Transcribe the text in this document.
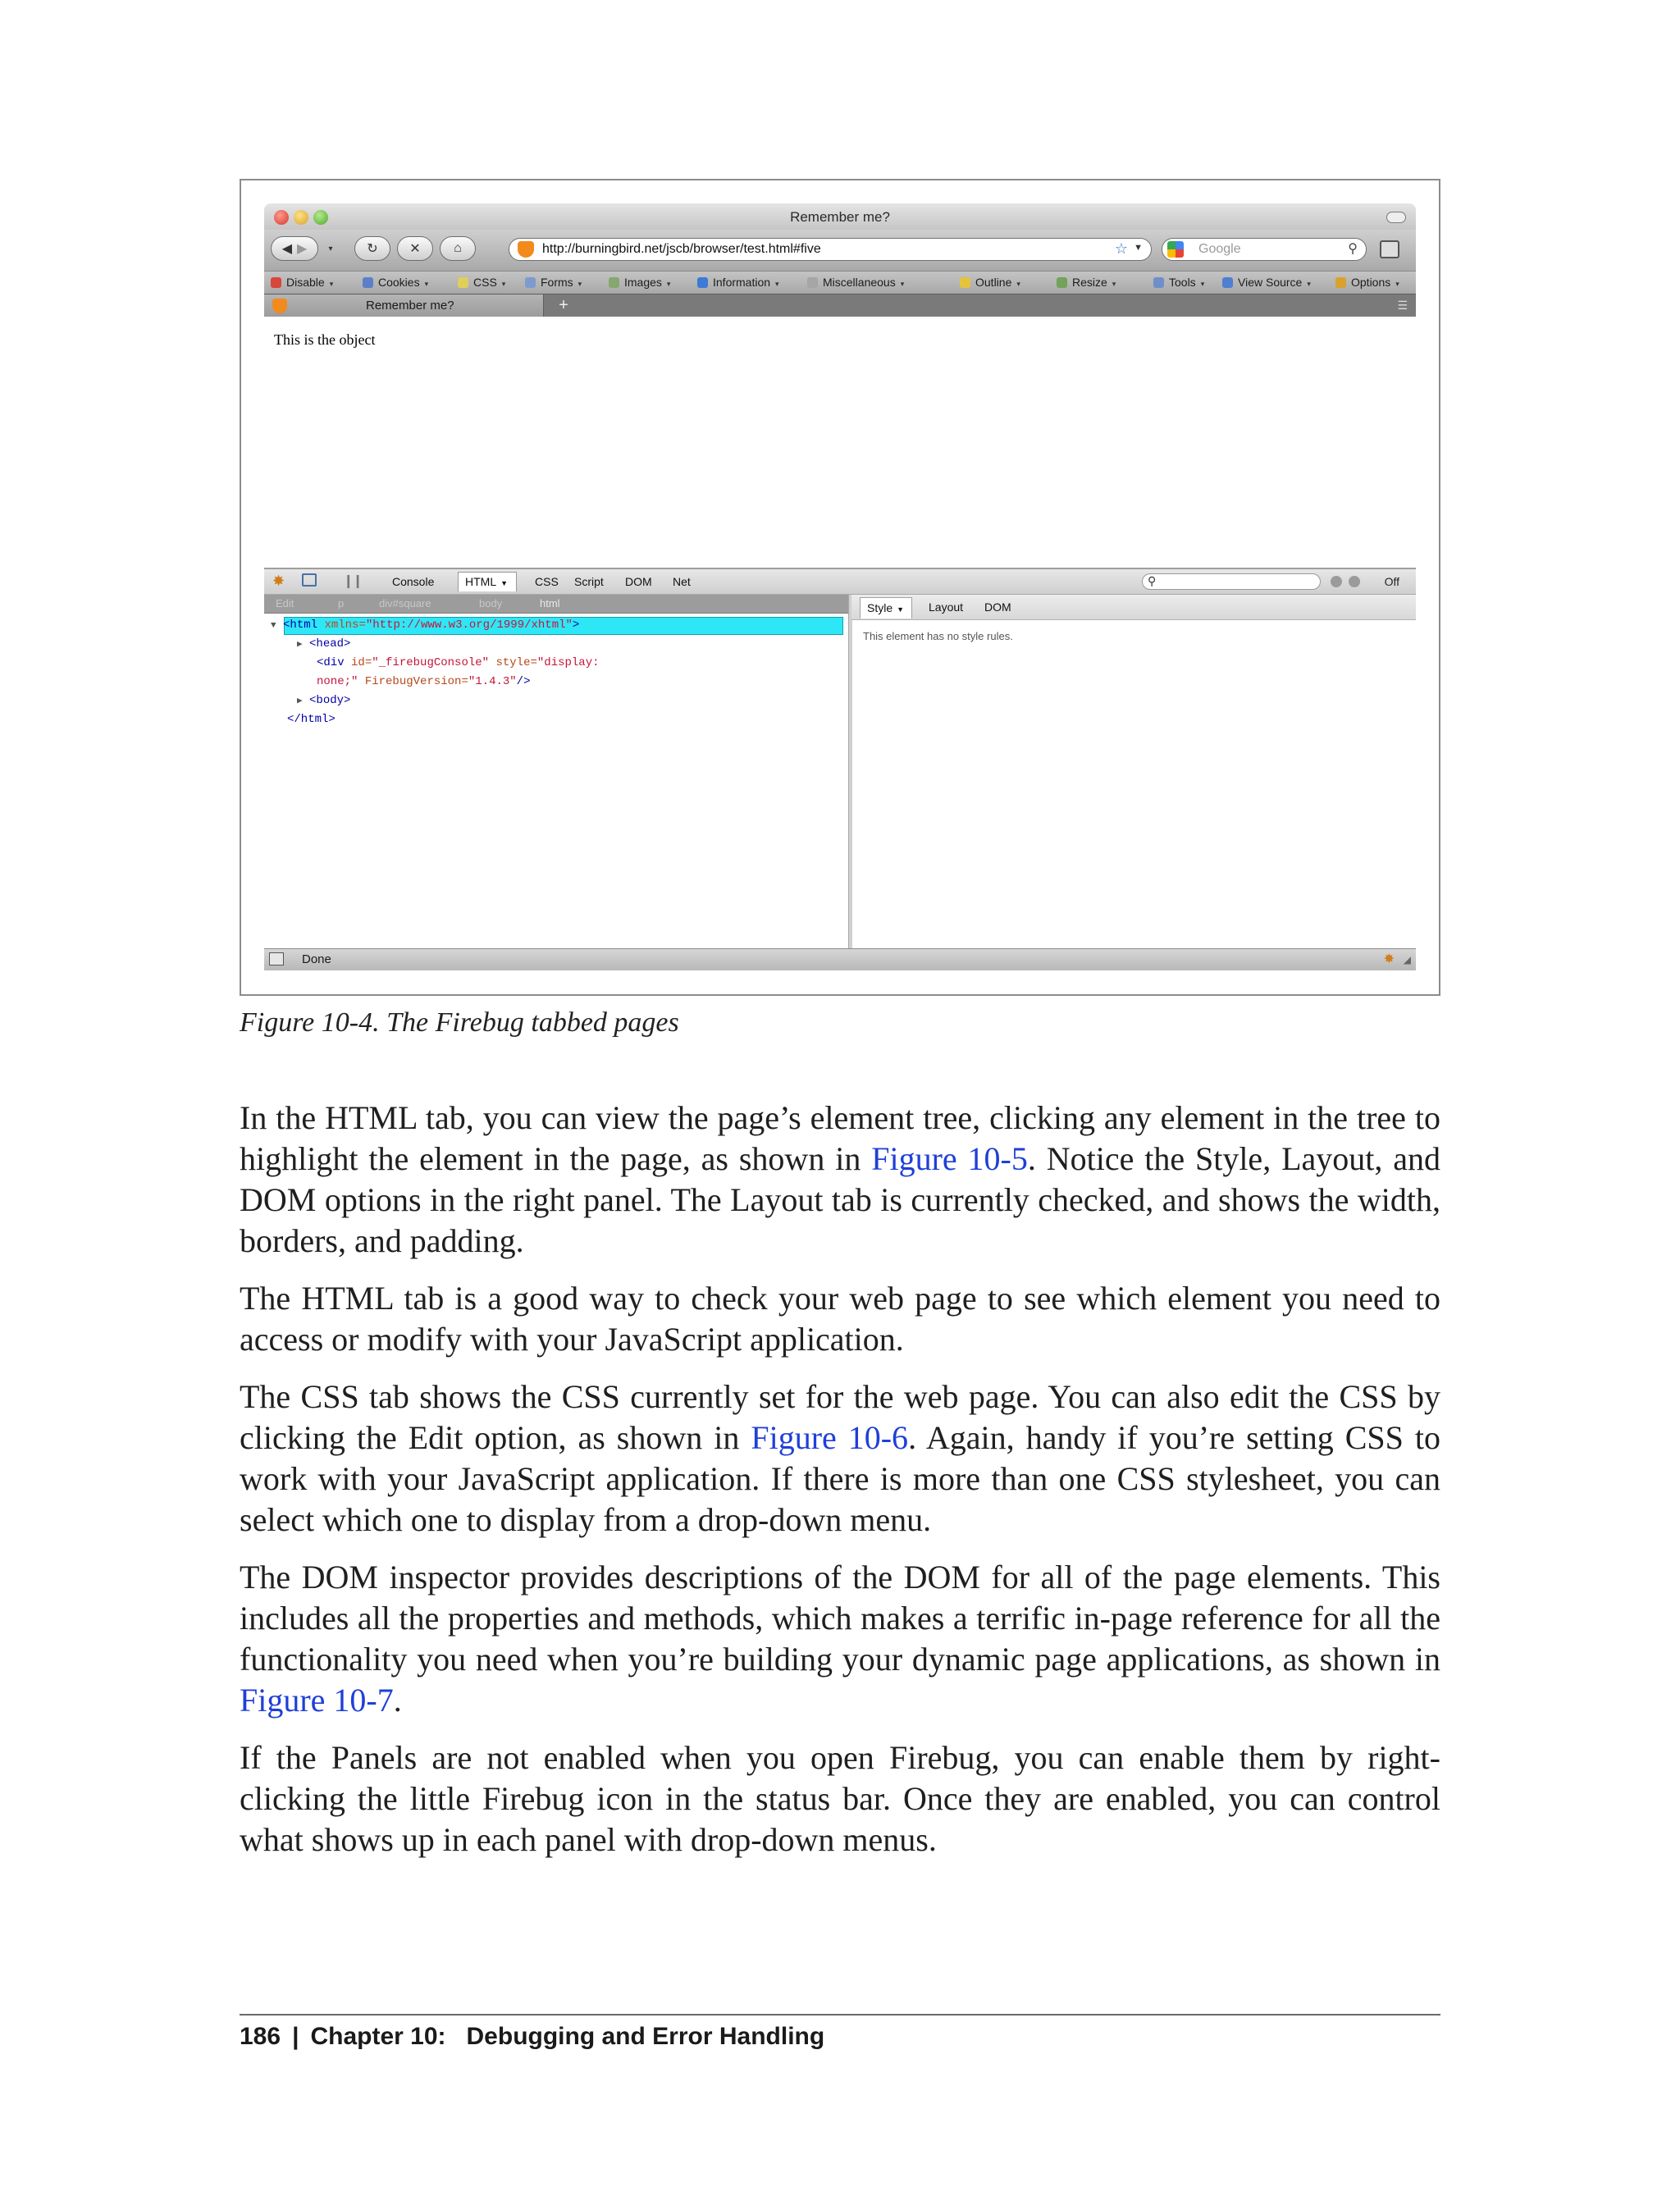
Remember me?
◀ ▶	▾	↻ ✕	⌂	http://burningbird.net/jscb/browser/test.html#five	☆ ▼	Google	⚲
Disable ▾	Cookies ▾	CSS ▾	Forms ▾	Images ▾	Information ▾	Miscellaneous ▾	Outline ▾	Resize ▾	Tools ▾	View Source ▾	Options ▾
Remember me?	+	☰
This is the object
✸	❙❙	Console	HTML ▼	CSS Script DOM Net	⚲	Off
Edit	p	div#square	body	html	Style ▼	Layout DOM
▼ <html xmlns="http://www.w3.org/1999/xhtml">
▶ <head>
<div id="_firebugConsole" style="display:
none;" FirebugVersion="1.4.3"/>
▶ <body>
</html>
This element has no style rules.
Done	✸ ◢
Figure 10-4. The Firebug tabbed pages

In the HTML tab, you can view the page’s element tree, clicking any element in the tree to highlight the element in the page, as shown in Figure 10-5. Notice the Style, Layout, and DOM options in the right panel. The Layout tab is currently checked, and shows the width, borders, and padding.

The HTML tab is a good way to check your web page to see which element you need to access or modify with your JavaScript application.

The CSS tab shows the CSS currently set for the web page. You can also edit the CSS by clicking the Edit option, as shown in Figure 10-6. Again, handy if you’re setting CSS to work with your JavaScript application. If there is more than one CSS stylesheet, you can select which one to display from a drop-down menu.

The DOM inspector provides descriptions of the DOM for all of the page elements. This includes all the properties and methods, which makes a terrific in-page reference for all the functionality you need when you’re building your dynamic page applications, as shown in Figure 10-7.

If the Panels are not enabled when you open Firebug, you can enable them by right-clicking the little Firebug icon in the status bar. Once they are enabled, you can control what shows up in each panel with drop-down menus.

186 | Chapter 10:   Debugging and Error Handling
